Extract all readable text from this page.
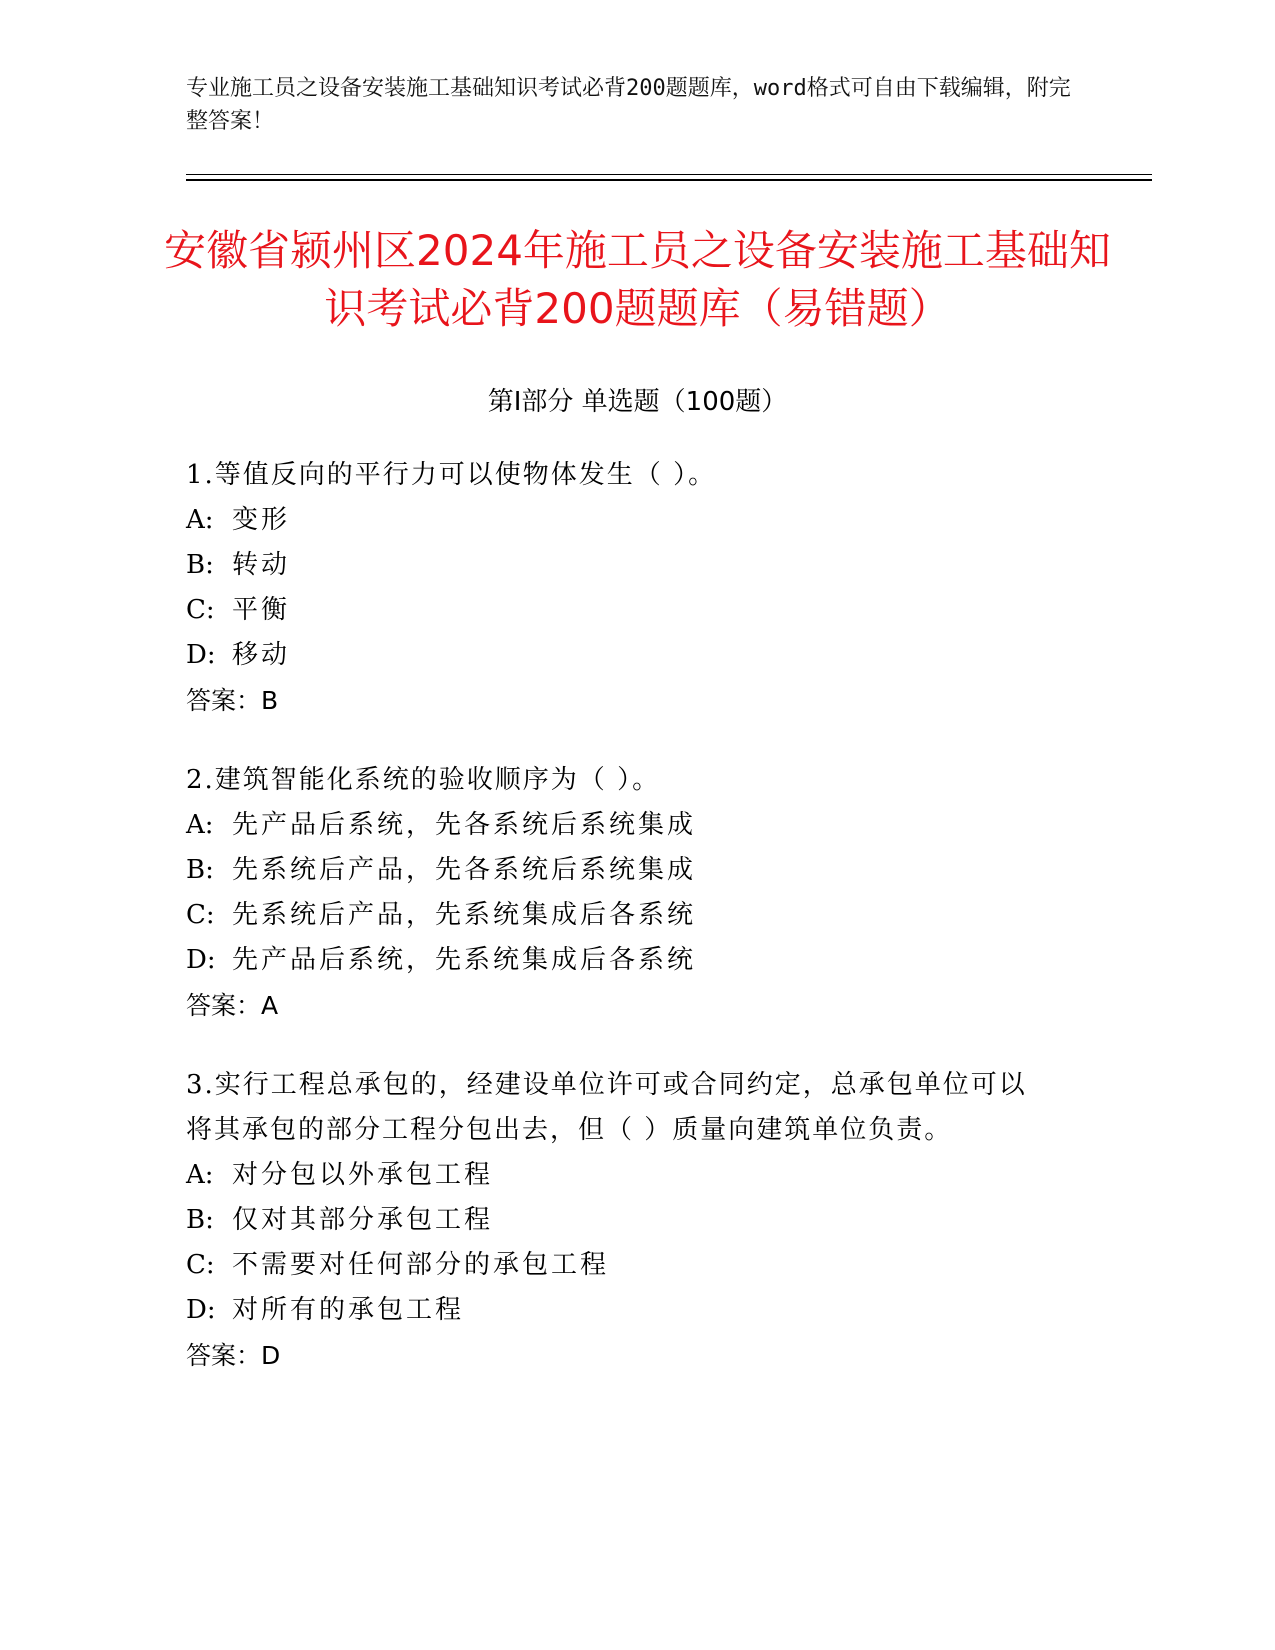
专业施工员之设备安装施工基础知识考试必背200题题库，word格式可自由下载编辑，附完整答案！
安徽省颍州区2024年施工员之设备安装施工基础知识考试必背200题题库（易错题）
第Ⅰ部分 单选题（100题）
1.等值反向的平行力可以使物体发生（ ）。
A: 变形
B: 转动
C: 平衡
D: 移动
答案：B
2.建筑智能化系统的验收顺序为（ ）。
A: 先产品后系统，先各系统后系统集成
B: 先系统后产品，先各系统后系统集成
C: 先系统后产品，先系统集成后各系统
D: 先产品后系统，先系统集成后各系统
答案：A
3.实行工程总承包的，经建设单位许可或合同约定，总承包单位可以
将其承包的部分工程分包出去，但（ ）质量向建筑单位负责。
A: 对分包以外承包工程
B: 仅对其部分承包工程
C: 不需要对任何部分的承包工程
D: 对所有的承包工程
答案：D
